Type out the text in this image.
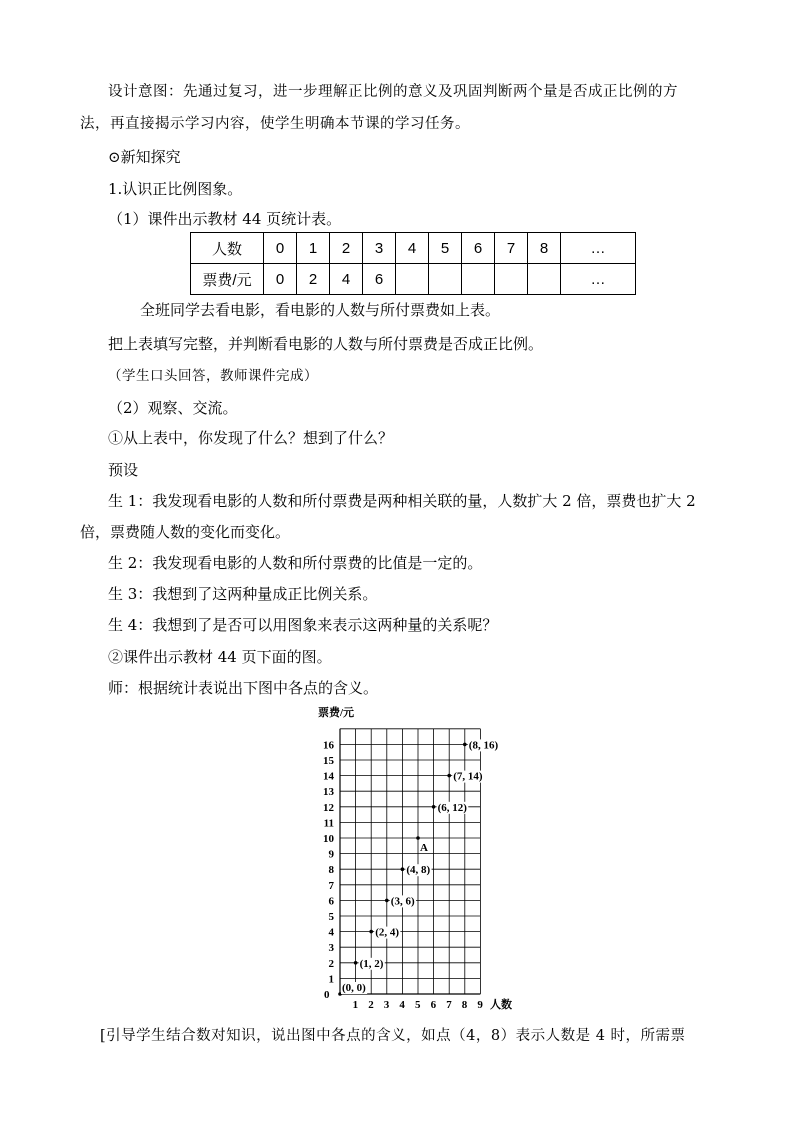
设计意图：先通过复习，进一步理解正比例的意义及巩固判断两个量是否成正比例的方
法，再直接揭示学习内容，使学生明确本节课的学习任务。
⊙新知探究
1.认识正比例图象。
（1）课件出示教材 44 页统计表。
人数	0	1	2	3	4	5	6	7	8	…
票费/元	0	2	4	6						…
全班同学去看电影，看电影的人数与所付票费如上表。
把上表填写完整，并判断看电影的人数与所付票费是否成正比例。
（学生口头回答，教师课件完成）
（2）观察、交流。
①从上表中，你发现了什么？想到了什么？
预设
生 1：我发现看电影的人数和所付票费是两种相关联的量，人数扩大 2 倍，票费也扩大 2
倍，票费随人数的变化而变化。
生 2：我发现看电影的人数和所付票费的比值是一定的。
生 3：我想到了这两种量成正比例关系。
生 4：我想到了是否可以用图象来表示这两种量的关系呢？
②课件出示教材 44 页下面的图。
师：根据统计表说出下图中各点的含义。
票费/元
人数
0
1 2 3 4 5 6 7 8 9
1
2
3
4
5
6
7
8
9
10
11
12
13
14
15
16
(0, 0)
(1, 2)
(2, 4)
(3, 6)
(4, 8)
A
(6, 12)
(7, 14)
(8, 16)
[引导学生结合数对知识，说出图中各点的含义，如点（4，8）表示人数是 4 时，所需票
